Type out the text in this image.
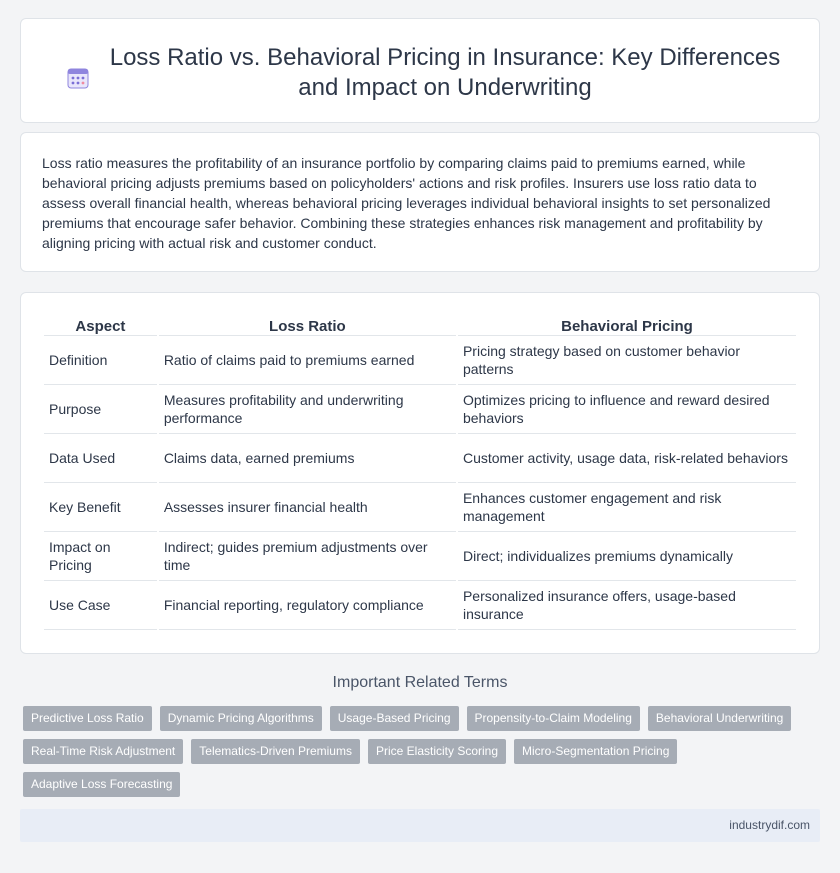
Loss Ratio vs. Behavioral Pricing in Insurance: Key Differences and Impact on Underwriting

Loss ratio measures the profitability of an insurance portfolio by comparing claims paid to premiums earned, while behavioral pricing adjusts premiums based on policyholders' actions and risk profiles. Insurers use loss ratio data to assess overall financial health, whereas behavioral pricing leverages individual behavioral insights to set personalized premiums that encourage safer behavior. Combining these strategies enhances risk management and profitability by aligning pricing with actual risk and customer conduct.

Aspect	Loss Ratio	Behavioral Pricing
Definition	Ratio of claims paid to premiums earned	Pricing strategy based on customer behavior patterns
Purpose	Measures profitability and underwriting performance	Optimizes pricing to influence and reward desired behaviors
Data Used	Claims data, earned premiums	Customer activity, usage data, risk-related behaviors
Key Benefit	Assesses insurer financial health	Enhances customer engagement and risk management
Impact on Pricing	Indirect; guides premium adjustments over time	Direct; individualizes premiums dynamically
Use Case	Financial reporting, regulatory compliance	Personalized insurance offers, usage-based insurance
Important Related Terms
Predictive Loss Ratio	Dynamic Pricing Algorithms	Usage-Based Pricing	Propensity-to-Claim Modeling	Behavioral Underwriting
Real-Time Risk Adjustment	Telematics-Driven Premiums	Price Elasticity Scoring	Micro-Segmentation Pricing
Adaptive Loss Forecasting
industrydif.com
